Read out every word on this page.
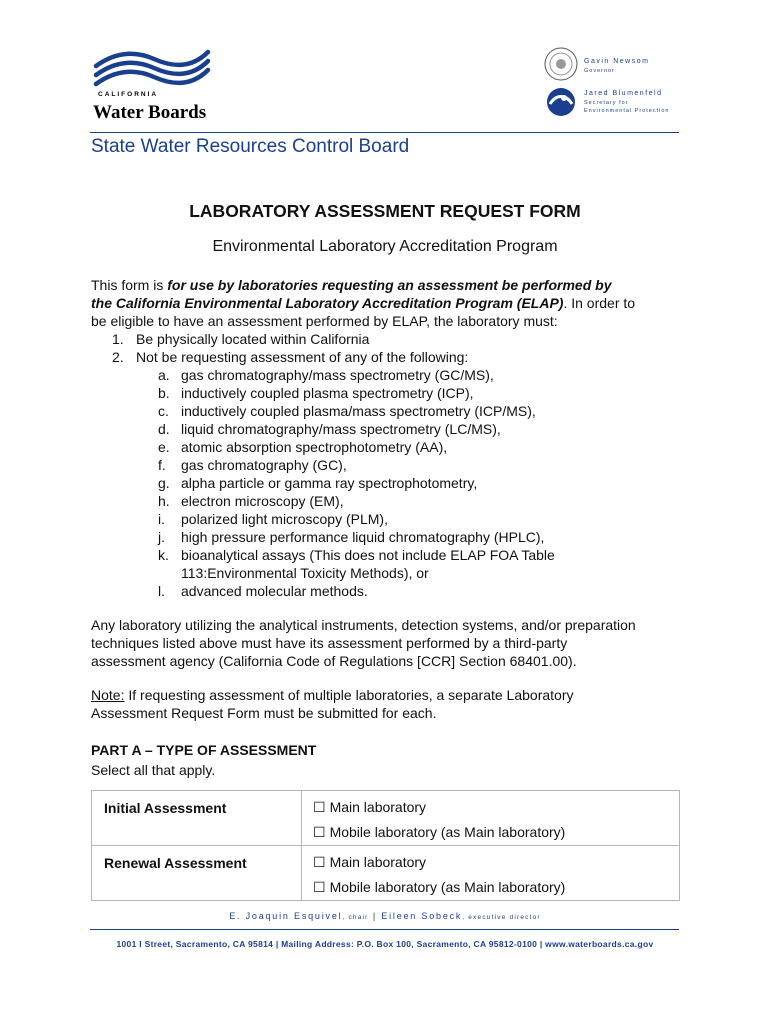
CALIFORNIA
Water Boards
Gavin Newsom
Governor
Jared Blumenfeld
Secretary for
Environmental Protection
State Water Resources Control Board
LABORATORY ASSESSMENT REQUEST FORM
Environmental Laboratory Accreditation Program
This form is for use by laboratories requesting an assessment be performed by
the California Environmental Laboratory Accreditation Program (ELAP). In order to
be eligible to have an assessment performed by ELAP, the laboratory must:
1. Be physically located within California
2. Not be requesting assessment of any of the following:
a. gas chromatography/mass spectrometry (GC/MS),
b. inductively coupled plasma spectrometry (ICP),
c. inductively coupled plasma/mass spectrometry (ICP/MS),
d. liquid chromatography/mass spectrometry (LC/MS),
e. atomic absorption spectrophotometry (AA),
f. gas chromatography (GC),
g. alpha particle or gamma ray spectrophotometry,
h. electron microscopy (EM),
i. polarized light microscopy (PLM),
j. high pressure performance liquid chromatography (HPLC),
k. bioanalytical assays (This does not include ELAP FOA Table
113:Environmental Toxicity Methods), or
l. advanced molecular methods.
Any laboratory utilizing the analytical instruments, detection systems, and/or preparation
techniques listed above must have its assessment performed by a third-party
assessment agency (California Code of Regulations [CCR] Section 68401.00).
Note: If requesting assessment of multiple laboratories, a separate Laboratory
Assessment Request Form must be submitted for each.
PART A – TYPE OF ASSESSMENT
Select all that apply.
Initial Assessment	☐ Main laboratory
☐ Mobile laboratory (as Main laboratory)

Renewal Assessment	☐ Main laboratory
☐ Mobile laboratory (as Main laboratory)
E. Joaquin Esquivel, chair | Eileen Sobeck, executive director
1001 I Street, Sacramento, CA 95814 | Mailing Address: P.O. Box 100, Sacramento, CA 95812-0100 | www.waterboards.ca.gov
